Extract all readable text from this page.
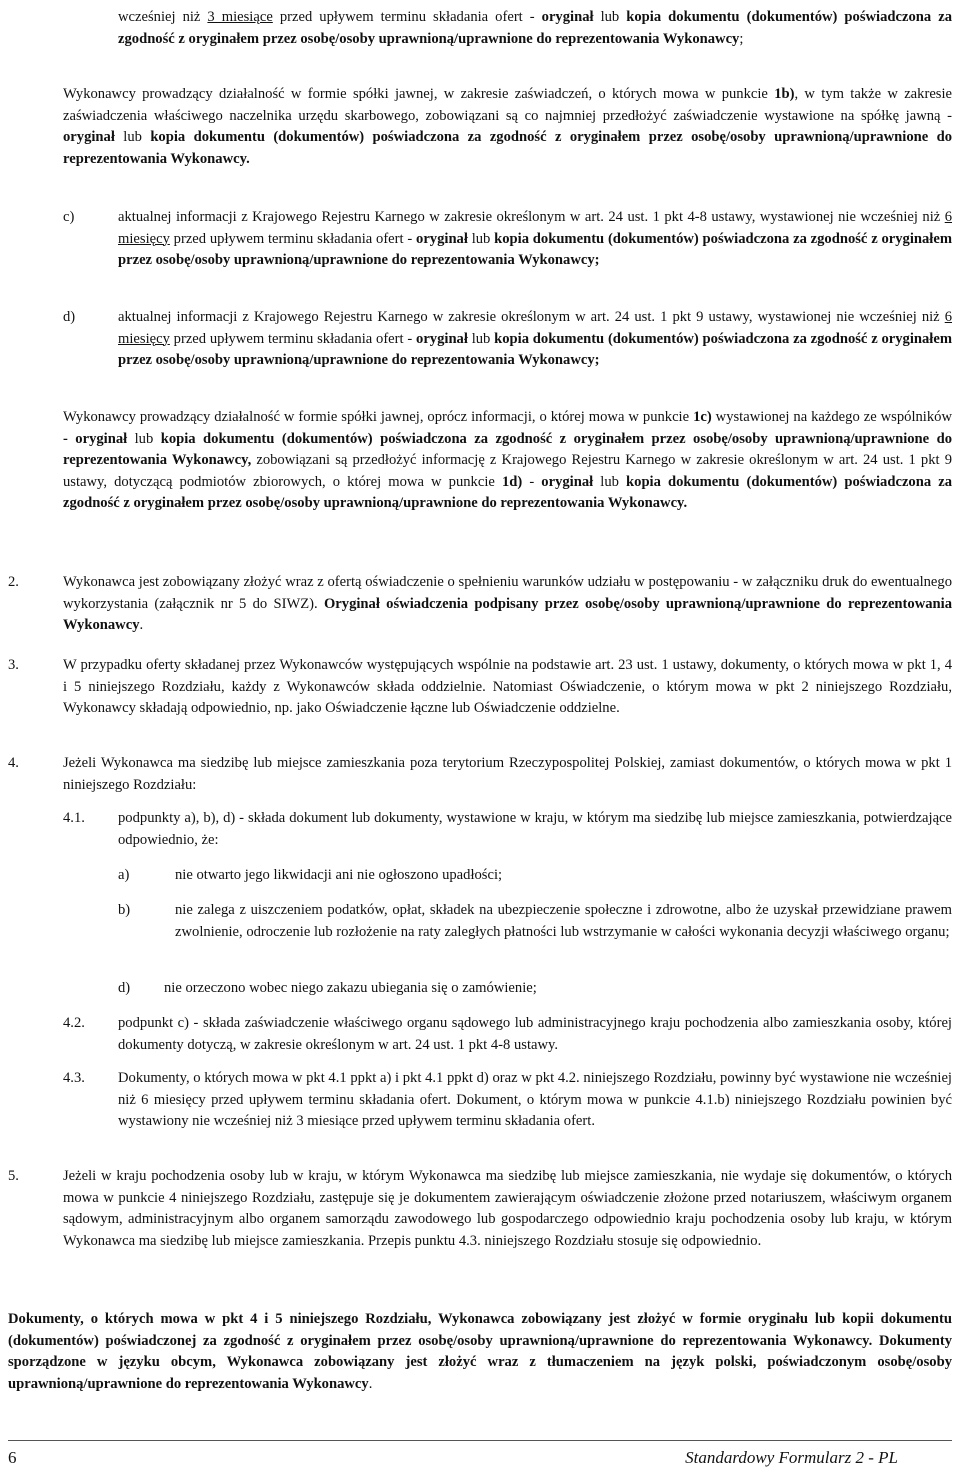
wcześniej niż 3 miesiące przed upływem terminu składania ofert - oryginał lub kopia dokumentu (dokumentów) poświadczona za zgodność z oryginałem przez osobę/osoby uprawnioną/uprawnione do reprezentowania Wykonawcy;

Wykonawcy prowadzący działalność w formie spółki jawnej, w zakresie zaświadczeń, o których mowa w punkcie 1b), w tym także w zakresie zaświadczenia właściwego naczelnika urzędu skarbowego, zobowiązani są co najmniej przedłożyć zaświadczenie wystawione na spółkę jawną - oryginał lub kopia dokumentu (dokumentów) poświadczona za zgodność z oryginałem przez osobę/osoby uprawnioną/uprawnione do reprezentowania Wykonawcy.

c)	aktualnej informacji z Krajowego Rejestru Karnego w zakresie określonym w art. 24 ust. 1 pkt 4-8 ustawy, wystawionej nie wcześniej niż 6 miesięcy przed upływem terminu składania ofert - oryginał lub kopia dokumentu (dokumentów) poświadczona za zgodność z oryginałem przez osobę/osoby uprawnioną/uprawnione do reprezentowania Wykonawcy;

d)	aktualnej informacji z Krajowego Rejestru Karnego w zakresie określonym w art. 24 ust. 1 pkt 9 ustawy, wystawionej nie wcześniej niż 6 miesięcy przed upływem terminu składania ofert - oryginał lub kopia dokumentu (dokumentów) poświadczona za zgodność z oryginałem przez osobę/osoby uprawnioną/uprawnione do reprezentowania Wykonawcy;

Wykonawcy prowadzący działalność w formie spółki jawnej, oprócz informacji, o której mowa w punkcie 1c) wystawionej na każdego ze wspólników - oryginał lub kopia dokumentu (dokumentów) poświadczona za zgodność z oryginałem przez osobę/osoby uprawnioną/uprawnione do reprezentowania Wykonawcy, zobowiązani są przedłożyć informację z Krajowego Rejestru Karnego w zakresie określonym w art. 24 ust. 1 pkt 9 ustawy, dotyczącą podmiotów zbiorowych, o której mowa w punkcie 1d) - oryginał lub kopia dokumentu (dokumentów) poświadczona za zgodność z oryginałem przez osobę/osoby uprawnioną/uprawnione do reprezentowania Wykonawcy.

2.	Wykonawca jest zobowiązany złożyć wraz z ofertą oświadczenie o spełnieniu warunków udziału w postępowaniu - w załączniku druk do ewentualnego wykorzystania (załącznik nr 5 do SIWZ). Oryginał oświadczenia podpisany przez osobę/osoby uprawnioną/uprawnione do reprezentowania Wykonawcy.

3.	W przypadku oferty składanej przez Wykonawców występujących wspólnie na podstawie art. 23 ust. 1 ustawy, dokumenty, o których mowa w pkt 1, 4 i 5 niniejszego Rozdziału, każdy z Wykonawców składa oddzielnie. Natomiast Oświadczenie, o którym mowa w pkt 2 niniejszego Rozdziału, Wykonawcy składają odpowiednio, np. jako Oświadczenie łączne lub Oświadczenie oddzielne.

4.	Jeżeli Wykonawca ma siedzibę lub miejsce zamieszkania poza terytorium Rzeczypospolitej Polskiej, zamiast dokumentów, o których mowa w pkt 1 niniejszego Rozdziału:

4.1. podpunkty a), b), d) - składa dokument lub dokumenty, wystawione w kraju, w którym ma siedzibę lub miejsce zamieszkania, potwierdzające odpowiednio, że:

a)	nie otwarto jego likwidacji ani nie ogłoszono upadłości;

b)	nie zalega z uiszczeniem podatków, opłat, składek na ubezpieczenie społeczne i zdrowotne, albo że uzyskał przewidziane prawem zwolnienie, odroczenie lub rozłożenie na raty zaległych płatności lub wstrzymanie w całości wykonania decyzji właściwego organu;

d) nie orzeczono wobec niego zakazu ubiegania się o zamówienie;

4.2. podpunkt c) - składa zaświadczenie właściwego organu sądowego lub administracyjnego kraju pochodzenia albo zamieszkania osoby, której dokumenty dotyczą, w zakresie określonym w art. 24 ust. 1 pkt 4-8 ustawy.

4.3. Dokumenty, o których mowa w pkt 4.1 ppkt a) i pkt 4.1 ppkt d) oraz w pkt 4.2. niniejszego Rozdziału, powinny być wystawione nie wcześniej niż 6 miesięcy przed upływem terminu składania ofert. Dokument, o którym mowa w punkcie 4.1.b) niniejszego Rozdziału powinien być wystawiony nie wcześniej niż 3 miesiące przed upływem terminu składania ofert.

5.	Jeżeli w kraju pochodzenia osoby lub w kraju, w którym Wykonawca ma siedzibę lub miejsce zamieszkania, nie wydaje się dokumentów, o których mowa w punkcie 4 niniejszego Rozdziału, zastępuje się je dokumentem zawierającym oświadczenie złożone przed notariuszem, właściwym organem sądowym, administracyjnym albo organem samorządu zawodowego lub gospodarczego odpowiednio kraju pochodzenia osoby lub kraju, w którym Wykonawca ma siedzibę lub miejsce zamieszkania. Przepis punktu 4.3. niniejszego Rozdziału stosuje się odpowiednio.

Dokumenty, o których mowa w pkt 4 i 5 niniejszego Rozdziału, Wykonawca zobowiązany jest złożyć w formie oryginału lub kopii dokumentu (dokumentów) poświadczonej za zgodność z oryginałem przez osobę/osoby uprawnioną/uprawnione do reprezentowania Wykonawcy. Dokumenty sporządzone w języku obcym, Wykonawca zobowiązany jest złożyć wraz z tłumaczeniem na język polski, poświadczonym osobę/osoby uprawnioną/uprawnione do reprezentowania Wykonawcy.

6	Standardowy Formularz 2 - PL
